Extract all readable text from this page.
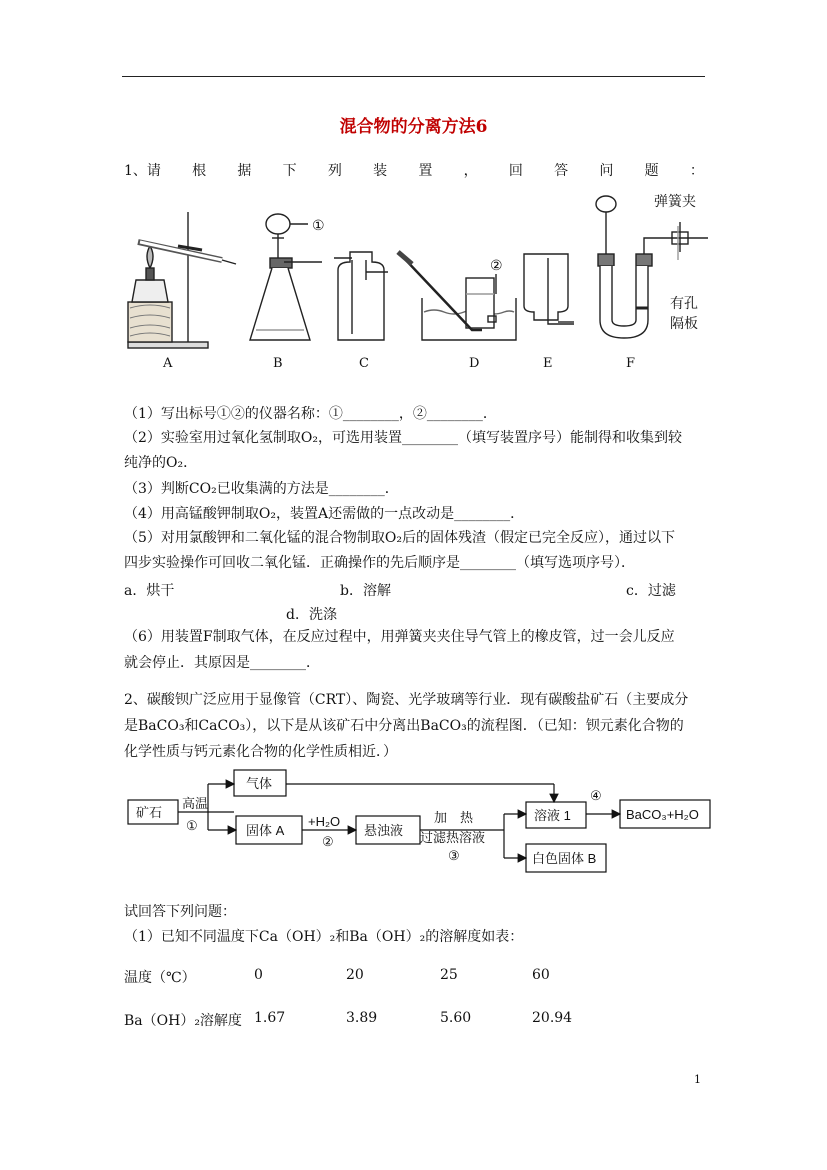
混合物的分离方法6
1、请 根 据 下 列 装 置 ， 回 答 问 题 ：
①
②
弹簧夹
有孔
隔板
A	B	C	D	E	F
（1）写出标号①②的仪器名称：①________，②________．
（2）实验室用过氧化氢制取O₂，可选用装置________（填写装置序号）能制得和收集到较
纯净的O₂．
（3）判断CO₂已收集满的方法是________．
（4）用高锰酸钾制取O₂，装置A还需做的一点改动是________．
（5）对用氯酸钾和二氧化锰的混合物制取O₂后的固体残渣（假定已完全反应），通过以下
四步实验操作可回收二氧化锰．正确操作的先后顺序是________（填写选项序号）．
a．烘干	b．溶解	c．过滤
d．洗涤
（6）用装置F制取气体，在反应过程中，用弹簧夹夹住导气管上的橡皮管，过一会儿反应
就会停止．其原因是________．
2、碳酸钡广泛应用于显像管（CRT）、陶瓷、光学玻璃等行业．现有碳酸盐矿石（主要成分
是BaCO₃和CaCO₃），以下是从该矿石中分离出BaCO₃的流程图．（已知：钡元素化合物的
化学性质与钙元素化合物的化学性质相近．）
矿石
高温
①
气体
固体 A
+H₂O
②
悬浊液
加　热
过滤热溶液
③
溶液 1
④
BaCO₃+H₂O
白色固体 B
试回答下列问题：
（1）已知不同温度下Ca（OH）₂和Ba（OH）₂的溶解度如表：
温度（℃）	0	20	25	60
Ba（OH）₂溶解度 1.67	3.89	5.60	20.94
1
